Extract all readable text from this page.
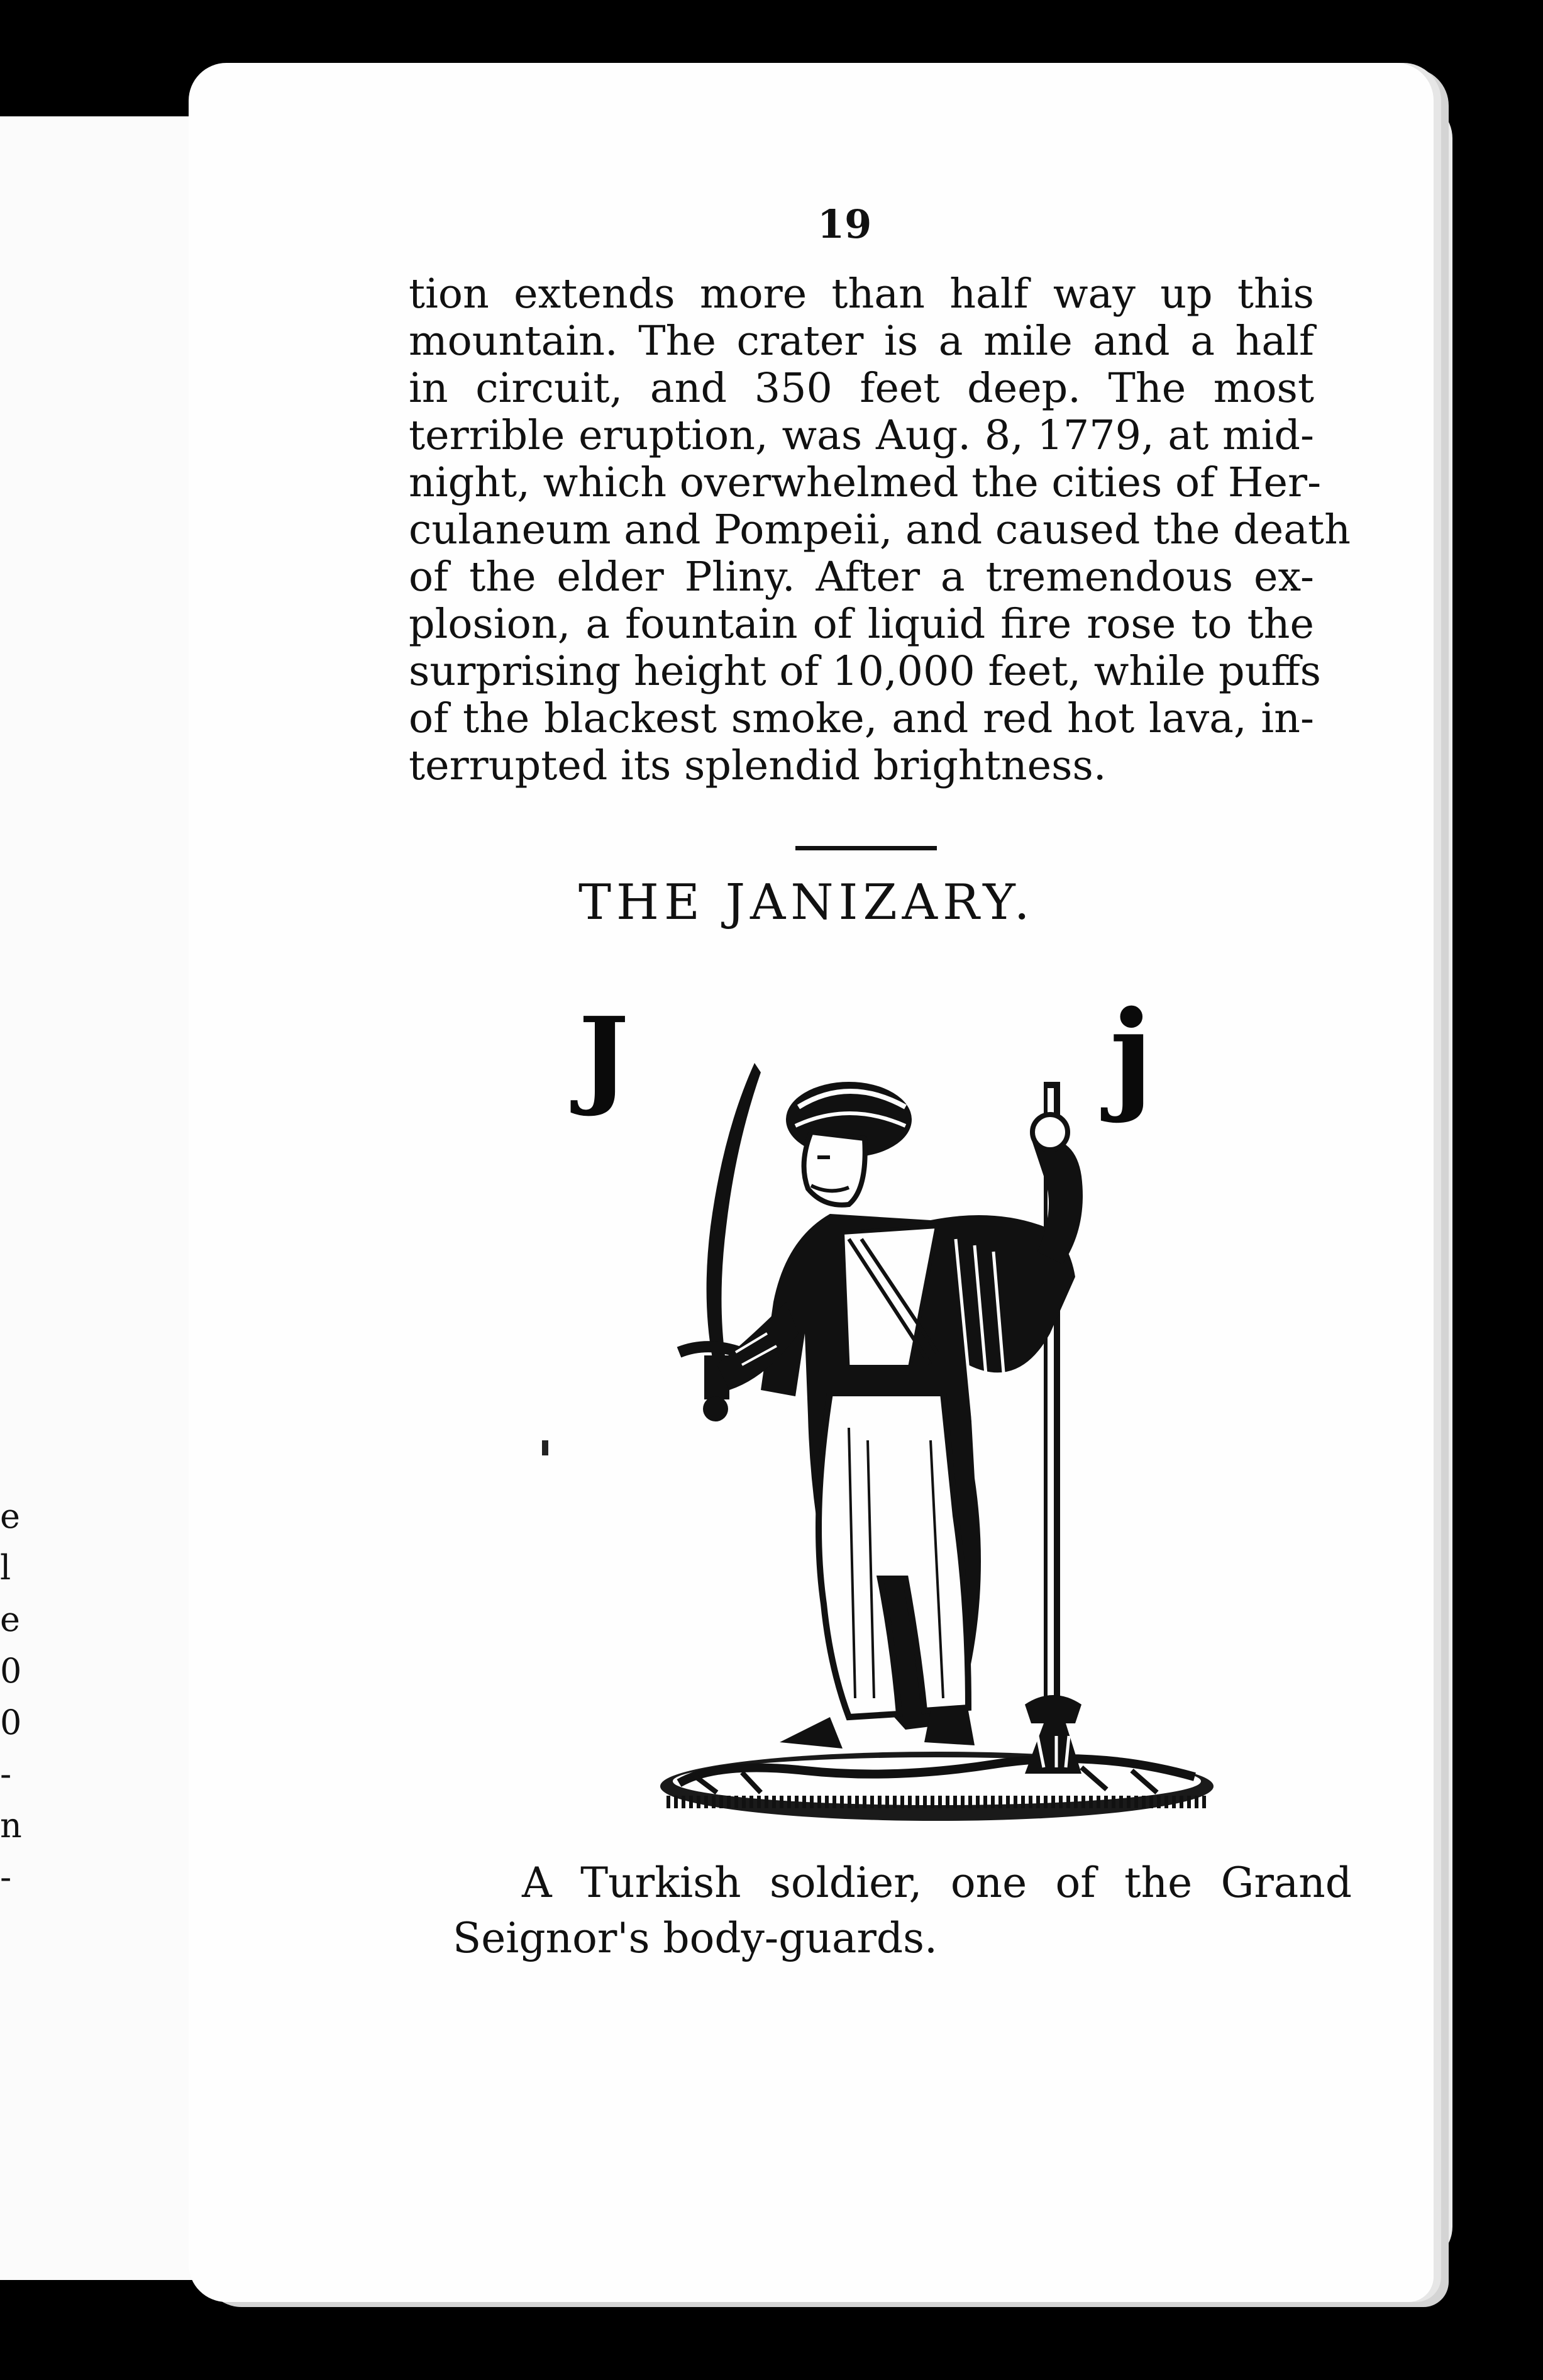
e
l
e
0
0
-
n
-
19
tion extends more than half way up this
mountain. The crater is a mile and a half
in circuit, and 350 feet deep. The most
terrible eruption, was Aug. 8, 1779, at mid-
night, which overwhelmed the cities of Her-
culaneum and Pompeii, and caused the death
of the elder Pliny. After a tremendous ex-
plosion, a fountain of liquid fire rose to the
surprising height of 10,000 feet, while puffs
of the blackest smoke, and red hot lava, in-
terrupted its splendid brightness.
THE JANIZARY.
J	j
A Turkish soldier, one of the Grand
Seignor's body-guards.
